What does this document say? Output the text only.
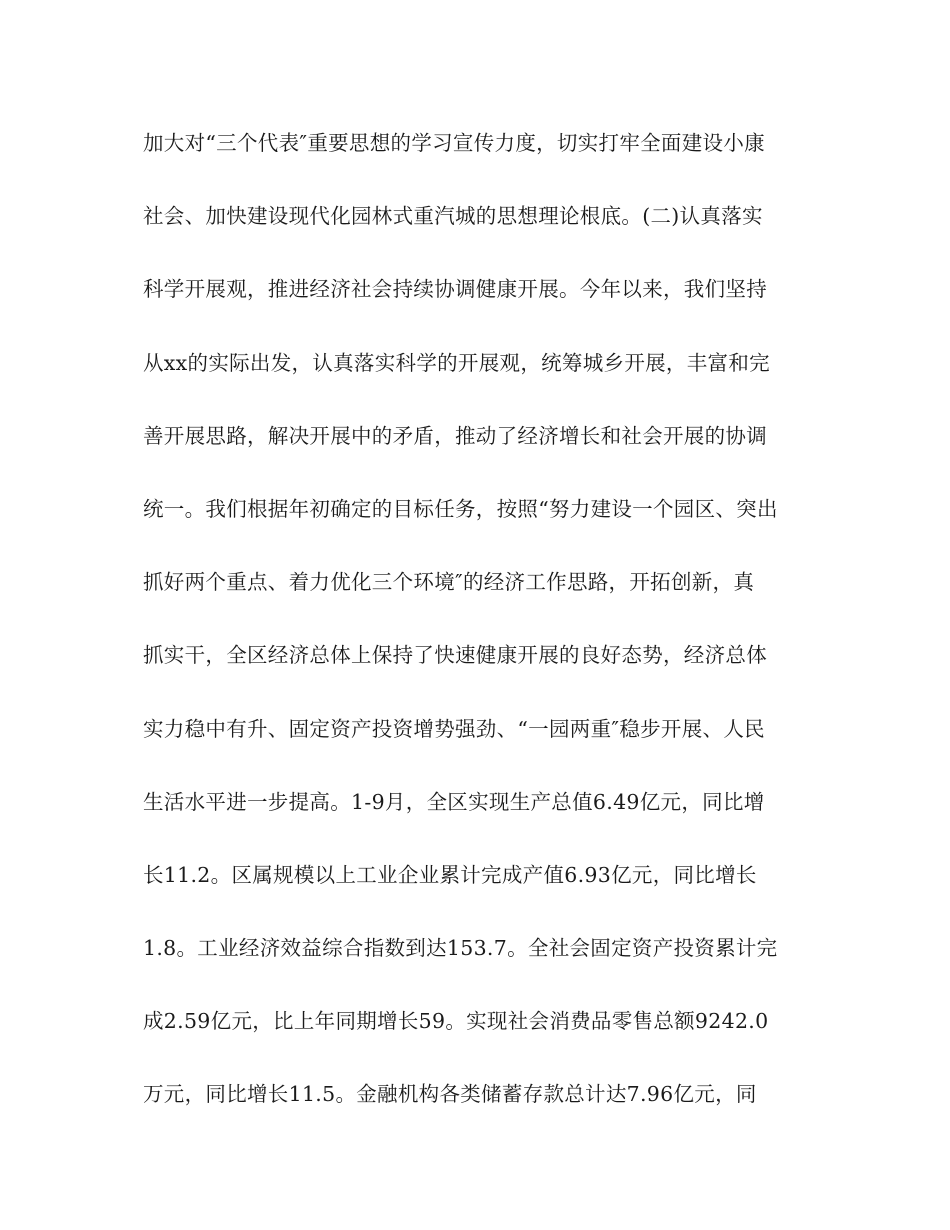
加大对“三个代表″重要思想的学习宣传力度，切实打牢全面建设小康
社会、加快建设现代化园林式重汽城的思想理论根底。(二)认真落实
科学开展观，推进经济社会持续协调健康开展。今年以来，我们坚持
从xx的实际出发，认真落实科学的开展观，统筹城乡开展，丰富和完
善开展思路，解决开展中的矛盾，推动了经济增长和社会开展的协调
统一。我们根据年初确定的目标任务，按照“努力建设一个园区、突出
抓好两个重点、着力优化三个环境″的经济工作思路，开拓创新，真
抓实干，全区经济总体上保持了快速健康开展的良好态势，经济总体
实力稳中有升、固定资产投资增势强劲、“一园两重″稳步开展、人民
生活水平进一步提高。1-9月，全区实现生产总值6.49亿元，同比增
长11.2。区属规模以上工业企业累计完成产值6.93亿元，同比增长
1.8。工业经济效益综合指数到达153.7。全社会固定资产投资累计完
成2.59亿元，比上年同期增长59。实现社会消费品零售总额9242.0
万元，同比增长11.5。金融机构各类储蓄存款总计达7.96亿元，同
